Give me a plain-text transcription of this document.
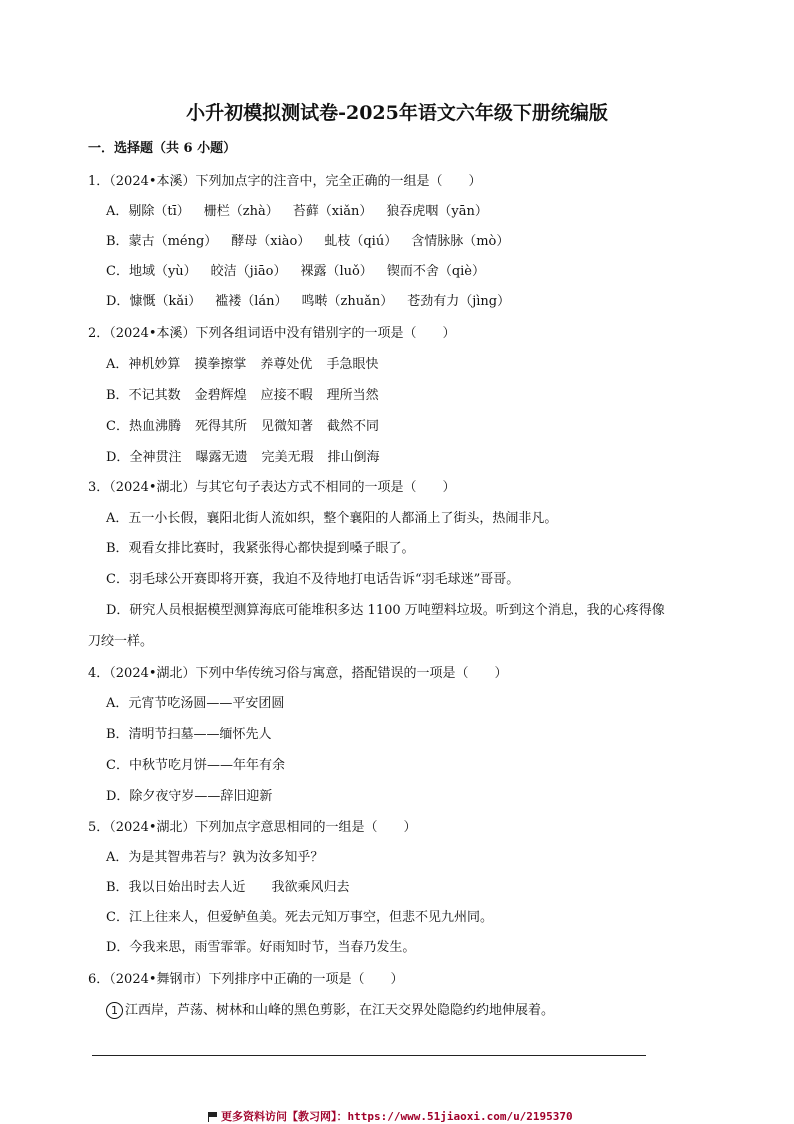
小升初模拟测试卷-2025年语文六年级下册统编版
一．选择题（共 6 小题）
1．（2024•本溪）下列加点字的注音中，完全正确的一组是（　　）
A．剔除（tī） 栅栏（zhà） 苔藓（xiǎn） 狼吞虎咽（yān）
B．蒙古（méng） 酵母（xiào） 虬枝（qiú） 含情脉脉（mò）
C．地域（yù） 皎洁（jiāo） 裸露（luǒ） 锲而不舍（qiè）
D．慷慨（kǎi） 褴褛（lán） 鸣啭（zhuǎn） 苍劲有力（jìng）
2．（2024•本溪）下列各组词语中没有错别字的一项是（　　）
A．神机妙算 摸拳擦掌 养尊处优 手急眼快
B．不记其数 金碧辉煌 应接不暇 理所当然
C．热血沸腾 死得其所 见微知著 截然不同
D．全神贯注 曝露无遗 完美无瑕 排山倒海
3．（2024•湖北）与其它句子表达方式不相同的一项是（　　）
A．五一小长假，襄阳北街人流如织，整个襄阳的人都涌上了街头，热闹非凡。
B．观看女排比赛时，我紧张得心都快提到嗓子眼了。
C．羽毛球公开赛即将开赛，我迫不及待地打电话告诉“羽毛球迷”哥哥。
D．研究人员根据模型测算海底可能堆积多达 1100 万吨塑料垃圾。听到这个消息，我的心疼得像
刀绞一样。
4．（2024•湖北）下列中华传统习俗与寓意，搭配错误的一项是（　　）
A．元宵节吃汤圆——平安团圆
B．清明节扫墓——缅怀先人
C．中秋节吃月饼——年年有余
D．除夕夜守岁——辞旧迎新
5．（2024•湖北）下列加点字意思相同的一组是（　　）
A．为是其智弗若与？孰为汝多知乎？
B．我以日始出时去人近　　我欲乘风归去
C．江上往来人，但爱鲈鱼美。死去元知万事空，但悲不见九州同。
D．今我来思，雨雪霏霏。好雨知时节，当春乃发生。
6．（2024•舞钢市）下列排序中正确的一项是（　　）
1 江西岸，芦荡、树林和山峰的黑色剪影，在江天交界处隐隐约约地伸展着。
更多资料访问【教习网】：https://www.51jiaoxi.com/u/2195370
